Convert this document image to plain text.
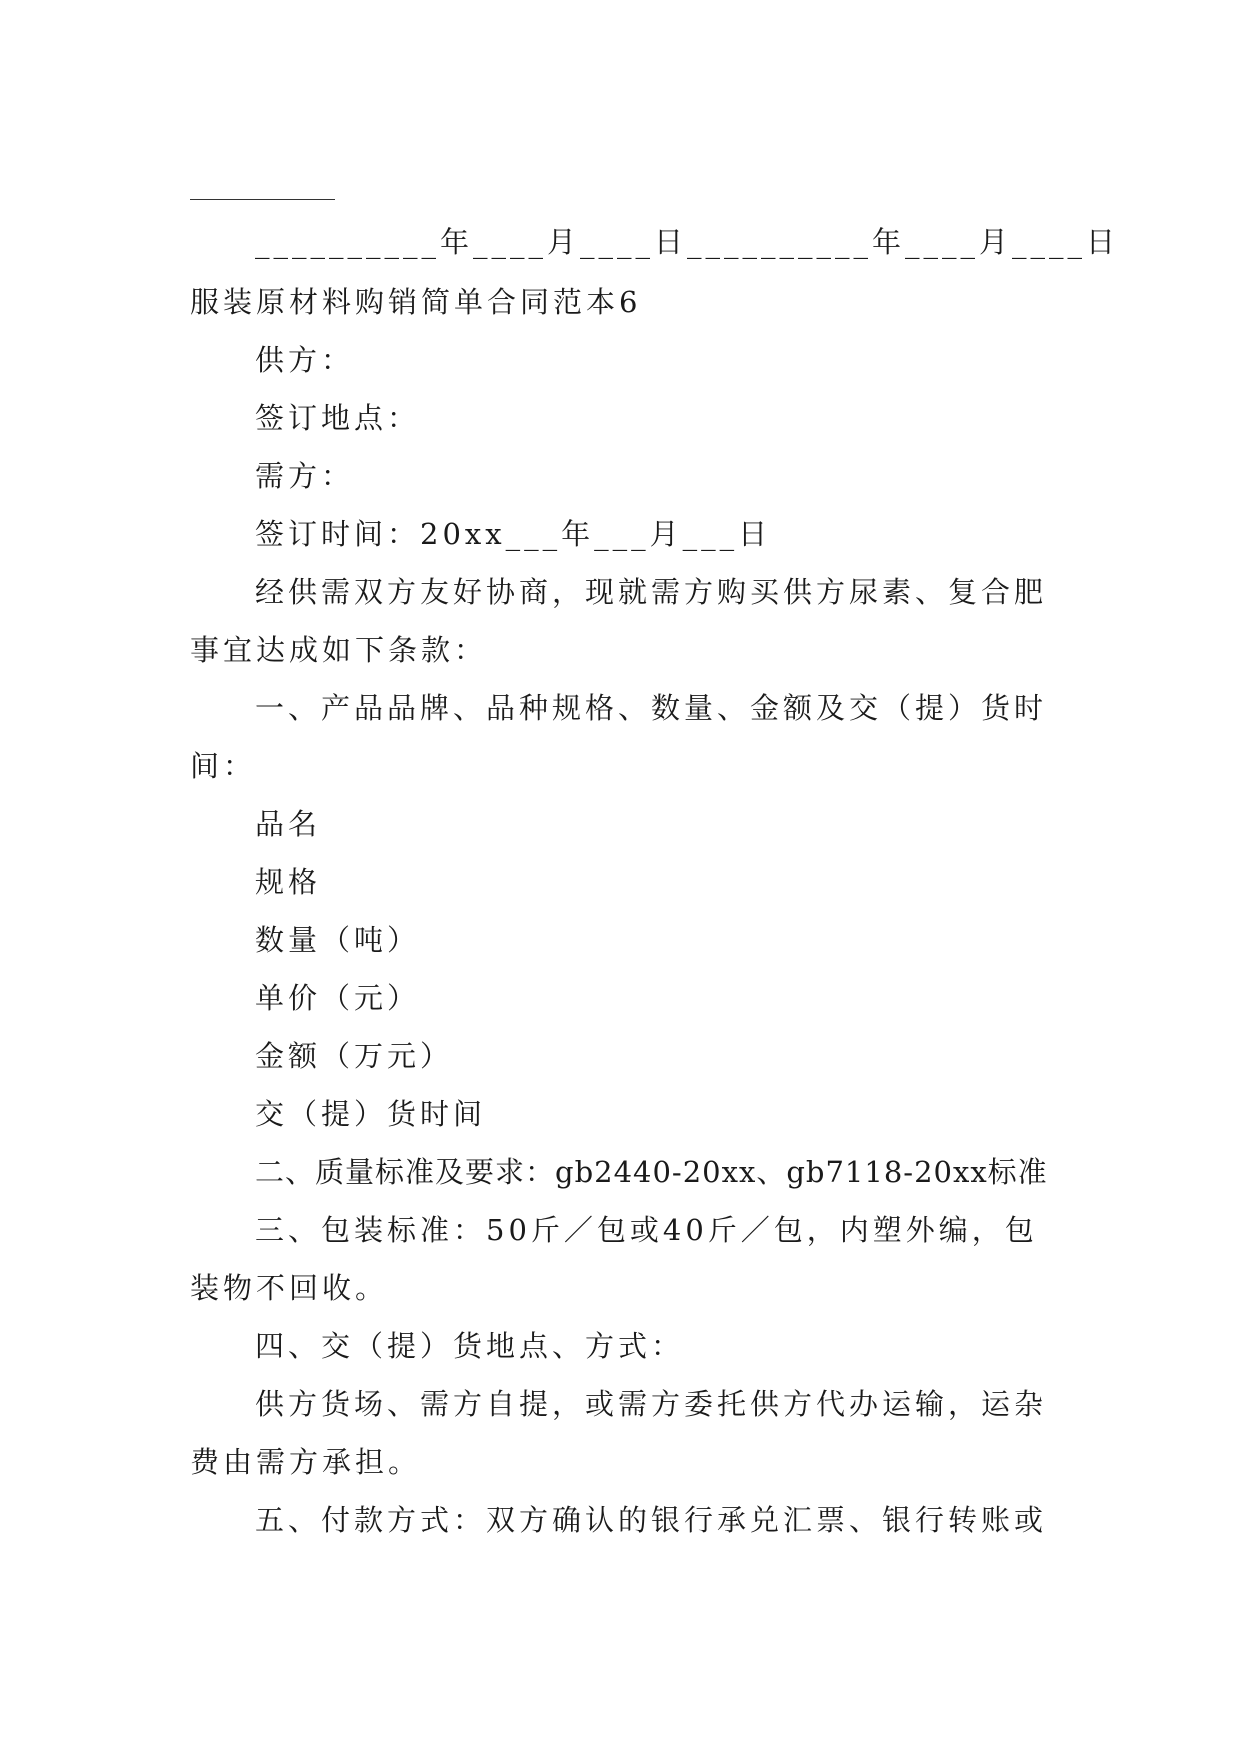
__________年____月____日__________年____月____日
服装原材料购销简单合同范本6
供方：
签订地点：
需方：
签订时间：20xx___年___月___日
经供需双方友好协商，现就需方购买供方尿素、复合肥
事宜达成如下条款：
一、产品品牌、品种规格、数量、金额及交（提）货时
间：
品名
规格
数量（吨）
单价（元）
金额（万元）
交（提）货时间
二、质量标准及要求：gb2440-20xx、gb7118-20xx标准
三、包装标准：50斤／包或40斤／包，内塑外编，包
装物不回收。
四、交（提）货地点、方式：
供方货场、需方自提，或需方委托供方代办运输，运杂
费由需方承担。
五、付款方式：双方确认的银行承兑汇票、银行转账或
